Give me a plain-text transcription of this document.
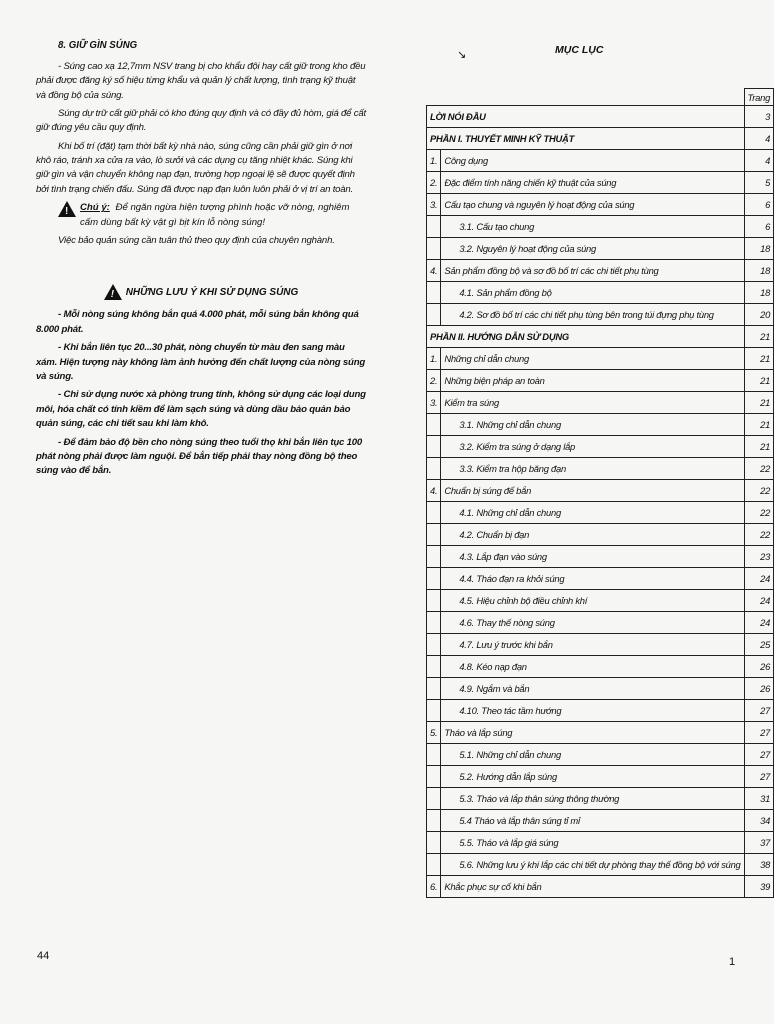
8. GIỮ GÌN SÚNG

- Súng cao xạ 12,7mm NSV trang bị cho khẩu đội hay cất giữ trong kho đều phải được đăng ký số hiệu từng khẩu và quản lý chất lượng, tình trạng kỹ thuật và đồng bộ của súng.

Súng dự trữ cất giữ phải có kho đúng quy định và có đầy đủ hòm, giá để cất giữ đúng yêu cầu quy định.

Khi bố trí (đặt) tạm thời bất kỳ nhà nào, súng cũng cần phải giữ gìn ở nơi khô ráo, tránh xa cửa ra vào, lò sưởi và các dụng cụ tăng nhiệt khác. Súng khi giữ gìn và vận chuyển không nạp đạn, trường hợp ngoại lệ sẽ được quyết định bởi tình trạng chiến đấu. Súng đã được nạp đạn luôn luôn phải ở vị trí an toàn.

!
Chú ý: Để ngăn ngừa hiện tượng phình hoặc vỡ nòng, nghiêm cấm dùng bất kỳ vật gì bịt kín lỗ nòng súng!

Việc bảo quản súng cần tuân thủ theo quy định của chuyên nghành.

!
NHỮNG LƯU Ý KHI SỬ DỤNG SÚNG

- Mỗi nòng súng không bắn quá 4.000 phát, mỗi súng bắn không quá 8.000 phát.

- Khi bắn liên tục 20...30 phát, nòng chuyển từ màu đen sang màu xám. Hiện tượng này không làm ảnh hưởng đến chất lượng của nòng súng và súng.

- Chỉ sử dụng nước xà phòng trung tính, không sử dụng các loại dung môi, hóa chất có tính kiềm để làm sạch súng và dùng dầu bảo quản bảo quản súng, các chi tiết sau khi làm khô.

- Để đảm bảo độ bền cho nòng súng theo tuổi thọ khi bắn liên tục 100 phát nòng phải được làm nguội. Để bắn tiếp phải thay nòng đồng bộ theo súng vào để bắn.

44
↘	MỤC LỤC
		Trang
LỜI NÓI ĐẦU		3
PHẦN I. THUYẾT MINH KỸ THUẬT		4
1.	Công dụng	4
2.	Đặc điểm tính năng chiến kỹ thuật của súng	5
3.	Cấu tạo chung và nguyên lý hoạt động của súng	6
	3.1. Cấu tạo chung	6
	3.2. Nguyên lý hoạt động của súng	18
4.	Sản phẩm đồng bộ và sơ đồ bố trí các chi tiết phụ tùng	18
	4.1. Sản phẩm đồng bộ	18
	4.2. Sơ đồ bố trí các chi tiết phụ tùng bên trong túi đựng phụ tùng	20
PHẦN II. HƯỚNG DẪN SỬ DỤNG		21
1.	Những chỉ dẫn chung	21
2.	Những biện pháp an toàn	21
3.	Kiểm tra súng	21
	3.1. Những chỉ dẫn chung	21
	3.2. Kiểm tra súng ở dạng lắp	21
	3.3. Kiểm tra hộp băng đạn	22
4.	Chuẩn bị súng để bắn	22
	4.1. Những chỉ dẫn chung	22
	4.2. Chuẩn bị đạn	22
	4.3. Lắp đạn vào súng	23
	4.4. Tháo đạn ra khỏi súng	24
	4.5. Hiệu chỉnh bộ điều chỉnh khí	24
	4.6. Thay thế nòng súng	24
	4.7. Lưu ý trước khi bắn	25
	4.8. Kéo nạp đạn	26
	4.9. Ngắm và bắn	26
	4.10. Theo tác tầm hướng	27
5.	Tháo và lắp súng	27
	5.1. Những chỉ dẫn chung	27
	5.2. Hướng dẫn lắp súng	27
	5.3. Tháo và lắp thân súng thông thường	31
	5.4 Tháo và lắp thân súng tỉ mỉ	34
	5.5. Tháo và lắp giá súng	37
	5.6. Những lưu ý khi lắp các chi tiết dự phòng thay thế đồng bộ với súng	38
6.	Khắc phục sự cố khi bắn	39
1
